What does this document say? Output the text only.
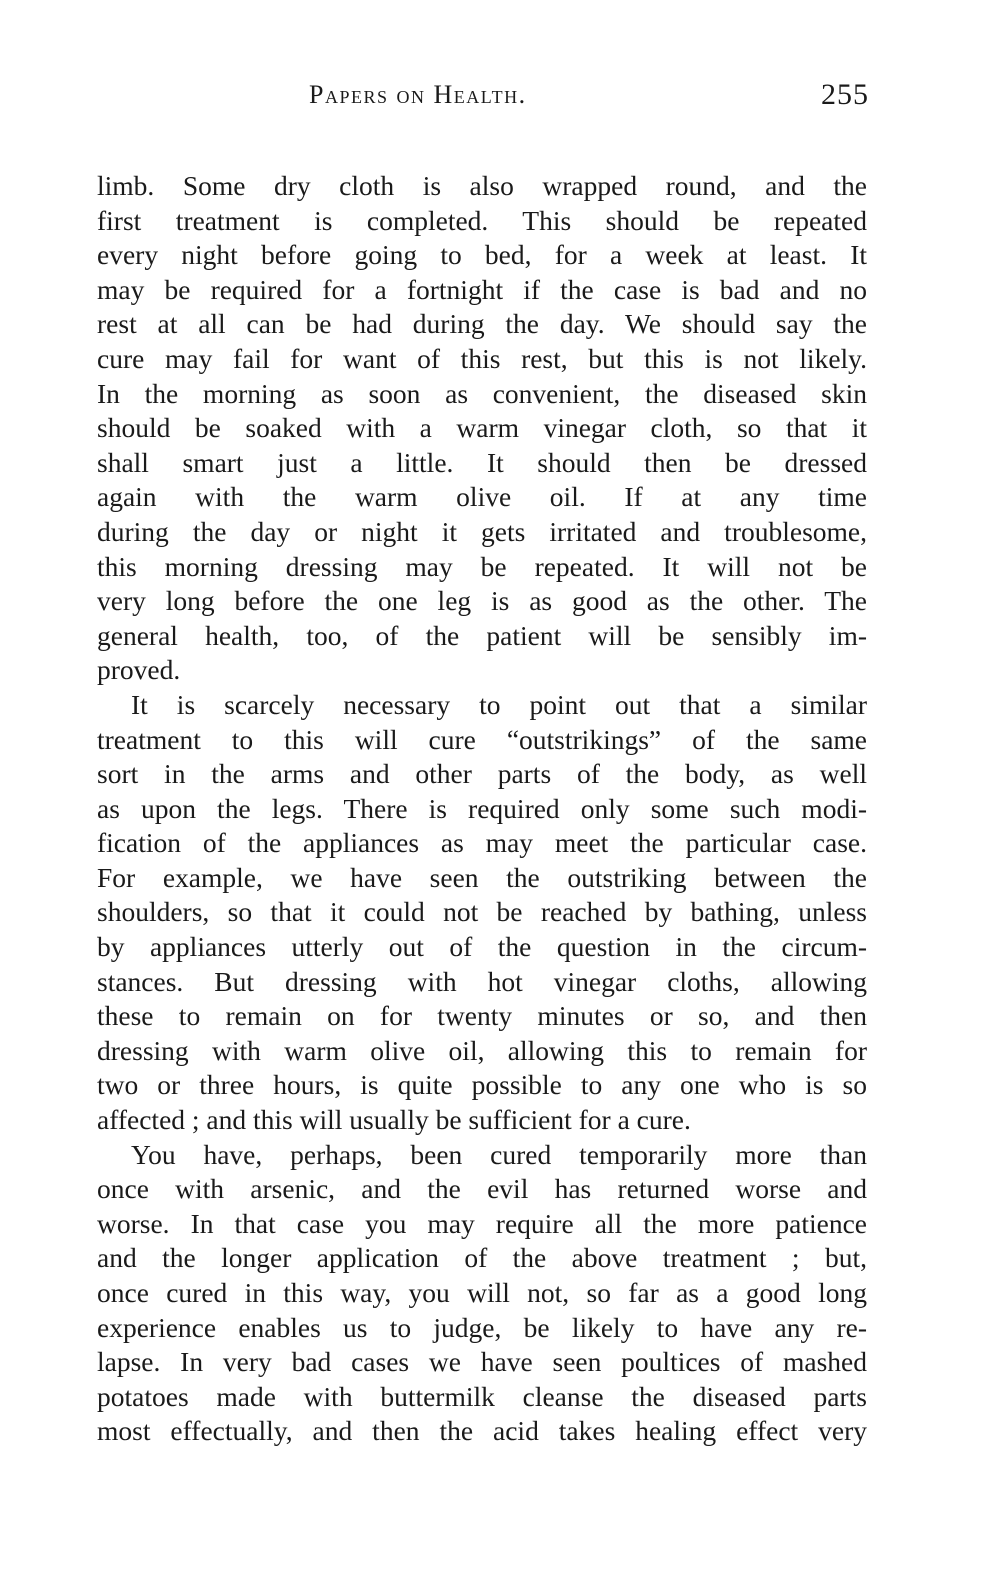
Papers on Health.	255
limb. Some dry cloth is also wrapped round, and the
first treatment is completed. This should be repeated
every night before going to bed, for a week at least. It
may be required for a fortnight if the case is bad and no
rest at all can be had during the day. We should say the
cure may fail for want of this rest, but this is not likely.
In the morning as soon as convenient, the diseased skin
should be soaked with a warm vinegar cloth, so that it
shall smart just a little. It should then be dressed
again with the warm olive oil. If at any time
during the day or night it gets irritated and troublesome,
this morning dressing may be repeated. It will not be
very long before the one leg is as good as the other. The
general health, too, of the patient will be sensibly im-
proved.
It is scarcely necessary to point out that a similar
treatment to this will cure “outstrikings” of the same
sort in the arms and other parts of the body, as well
as upon the legs. There is required only some such modi-
fication of the appliances as may meet the particular case.
For example, we have seen the outstriking between the
shoulders, so that it could not be reached by bathing, unless
by appliances utterly out of the question in the circum-
stances. But dressing with hot vinegar cloths, allowing
these to remain on for twenty minutes or so, and then
dressing with warm olive oil, allowing this to remain for
two or three hours, is quite possible to any one who is so
affected ; and this will usually be sufficient for a cure.
You have, perhaps, been cured temporarily more than
once with arsenic, and the evil has returned worse and
worse. In that case you may require all the more patience
and the longer application of the above treatment ; but,
once cured in this way, you will not, so far as a good long
experience enables us to judge, be likely to have any re-
lapse. In very bad cases we have seen poultices of mashed
potatoes made with buttermilk cleanse the diseased parts
most effectually, and then the acid takes healing effect very
